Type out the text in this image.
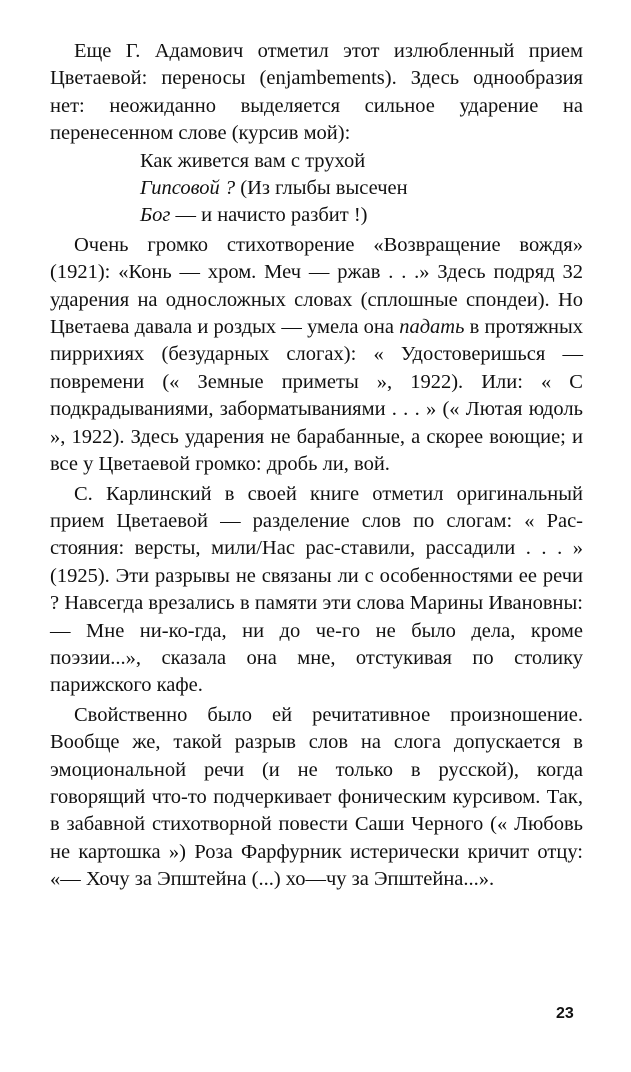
Еще Г. Адамович отметил этот излюбленный прием Цветаевой: переносы (enjambements). Здесь однообразия нет: неожиданно выделяется сильное ударение на перенесенном слове (курсив мой):

Как живется вам с трухой
Гипсовой ? (Из глыбы высечен
Бог — и начисто разбит !)

Очень громко стихотворение «Возвращение вождя» (1921): «Конь — хром. Меч — ржав . . .» Здесь подряд 32 ударения на односложных словах (сплошные спондеи). Но Цветаева давала и роздых — умела она падать в протяжных пиррихиях (безударных слогах): « Удостоверишься — повремени (« Земные приметы », 1922). Или: « С подкрадываниями, заборматываниями . . . » (« Лютая юдоль », 1922). Здесь ударения не барабанные, а скорее воющие; и все у Цветаевой громко: дробь ли, вой.

С. Карлинский в своей книге отметил оригинальный прием Цветаевой — разделение слов по слогам: « Рас-стояния: версты, мили/Нас рас-ставили, рассадили . . . » (1925). Эти разрывы не связаны ли с особенностями ее речи ? Навсегда врезались в памяти эти слова Марины Ивановны: — Мне ни-ко-гда, ни до че-го не было дела, кроме поэзии...», сказала она мне, отстукивая по столику парижского кафе.

Свойственно было ей речитативное произношение. Вообще же, такой разрыв слов на слога допускается в эмоциональной речи (и не только в русской), когда говорящий что-то подчеркивает фоническим курсивом. Так, в забавной стихотворной повести Саши Черного (« Любовь не картошка ») Роза Фарфурник истерически кричит отцу: «— Хочу за Эпштейна (...) хо—чу за Эпштейна...».

23
